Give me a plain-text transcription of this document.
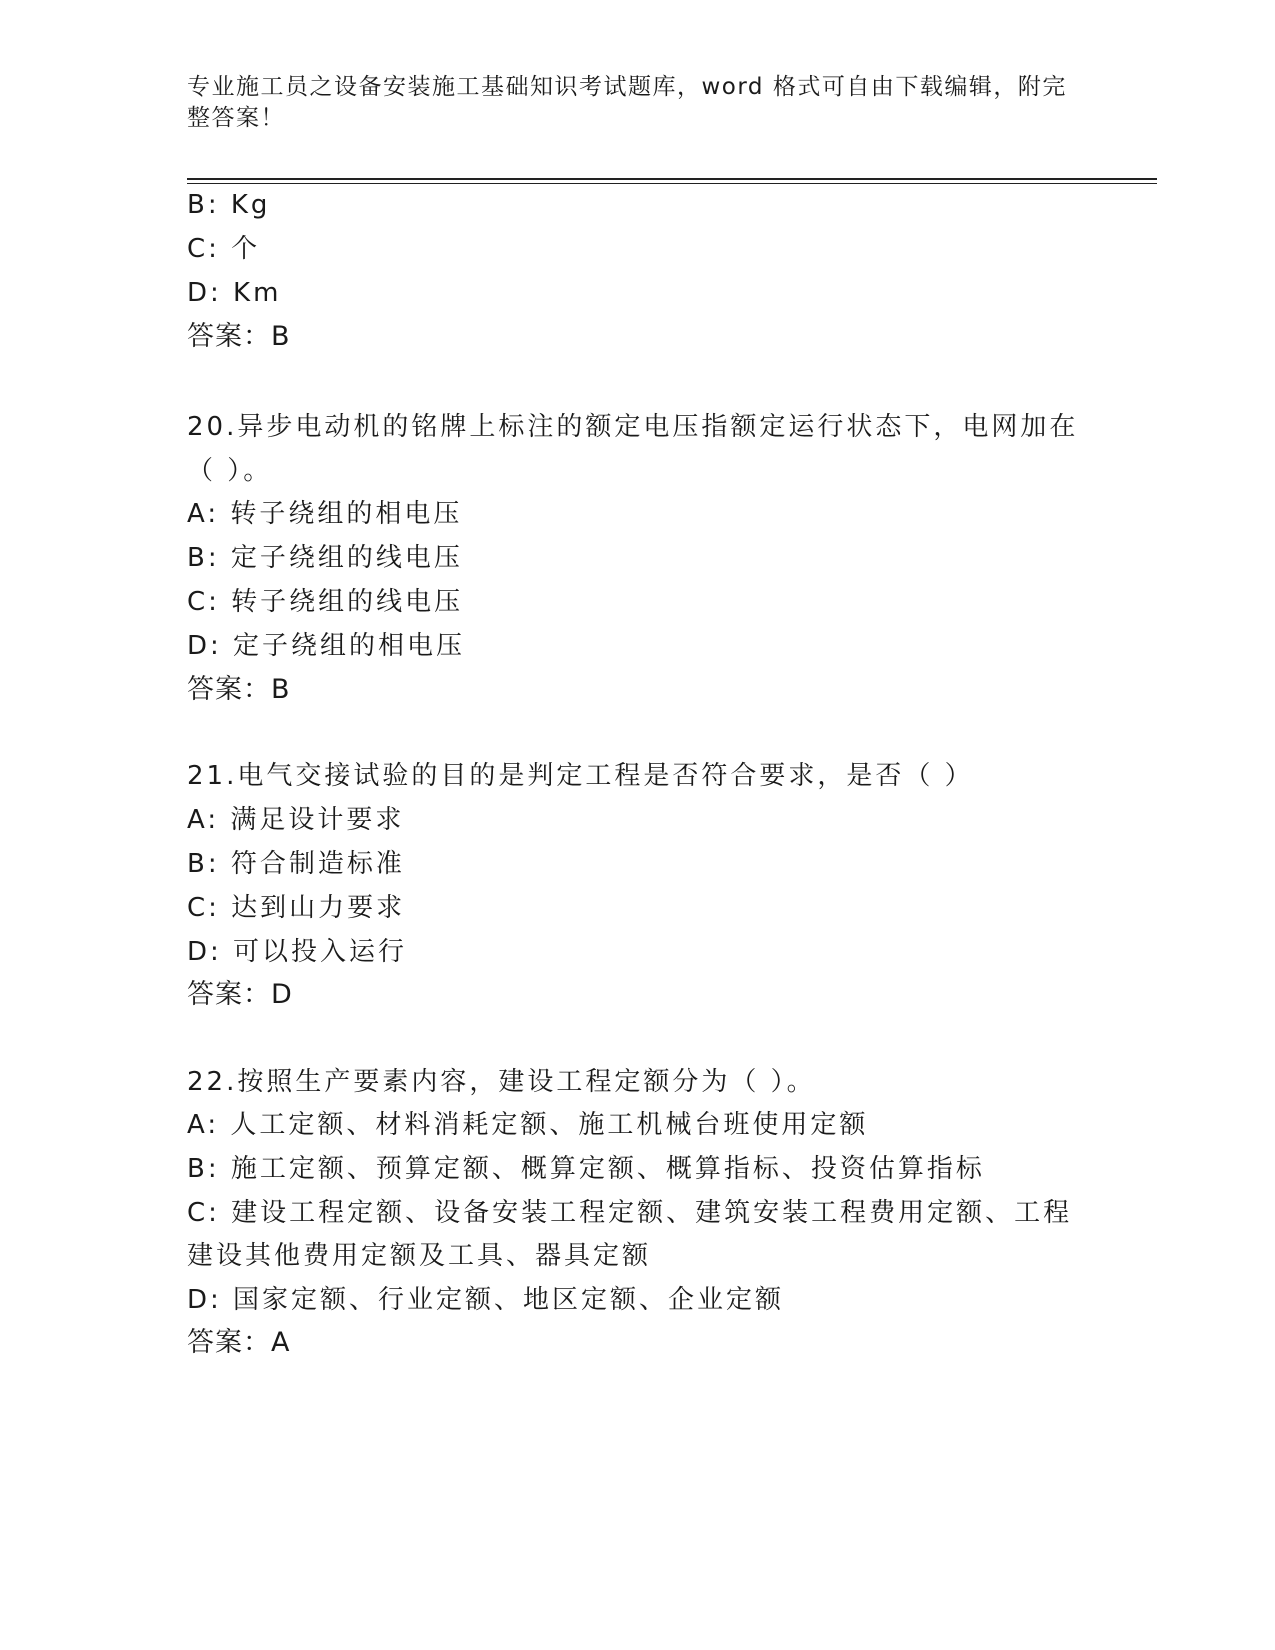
专业施工员之设备安装施工基础知识考试题库，word 格式可自由下载编辑，附完
整答案！
B: Kg
C: 个
D: Km
答案：B
20.异步电动机的铭牌上标注的额定电压指额定运行状态下，电网加在
（ ）。
A: 转子绕组的相电压
B: 定子绕组的线电压
C: 转子绕组的线电压
D: 定子绕组的相电压
答案：B
21.电气交接试验的目的是判定工程是否符合要求，是否（ ）
A: 满足设计要求
B: 符合制造标准
C: 达到山力要求
D: 可以投入运行
答案：D
22.按照生产要素内容，建设工程定额分为（ ）。
A: 人工定额、材料消耗定额、施工机械台班使用定额
B: 施工定额、预算定额、概算定额、概算指标、投资估算指标
C: 建设工程定额、设备安装工程定额、建筑安装工程费用定额、工程
建设其他费用定额及工具、器具定额
D: 国家定额、行业定额、地区定额、企业定额
答案：A
